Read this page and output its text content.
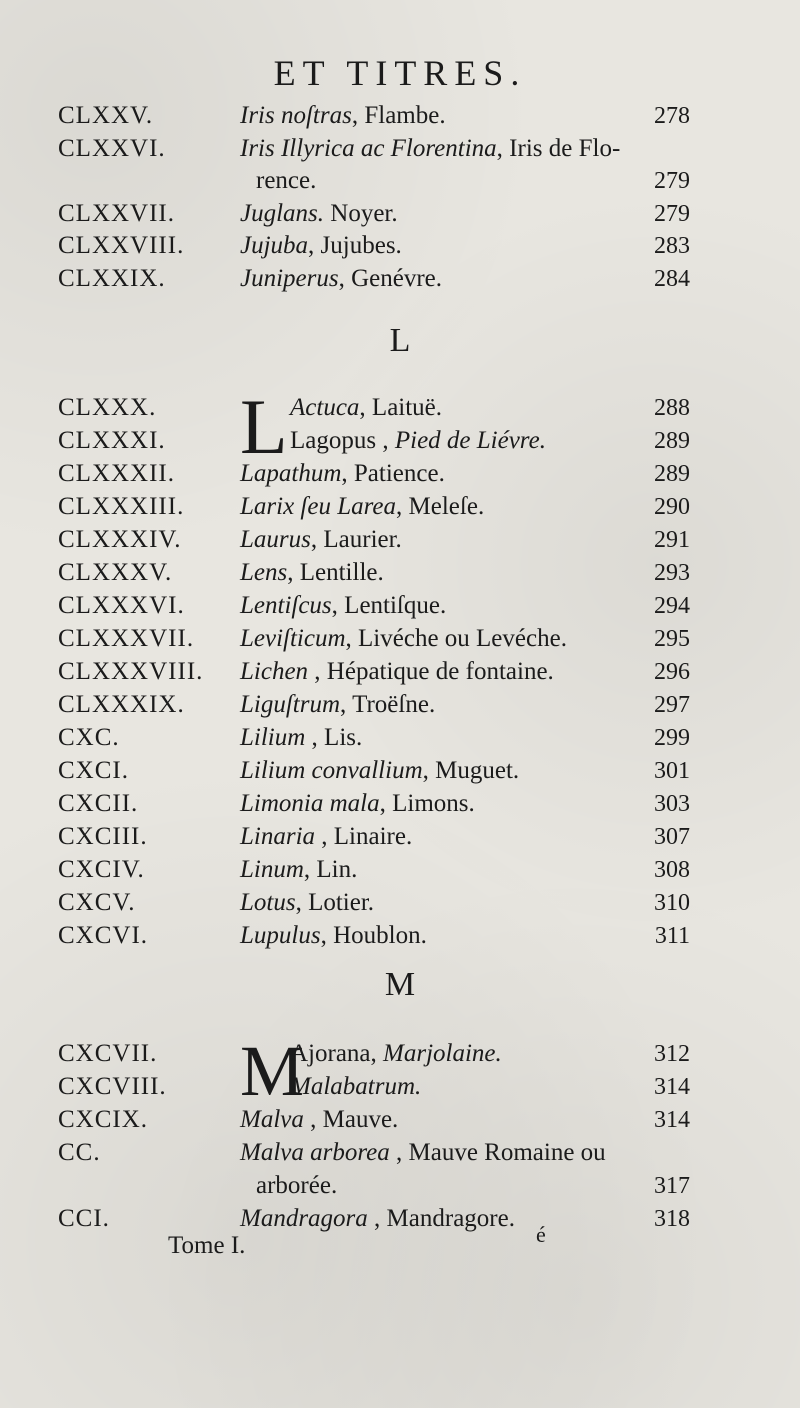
ET TITRES.
CLXXV.	Iris noſtras, Flambe.	278
CLXXVI.	Iris Illyrica ac Florentina, Iris de Flo-
rence.	279
CLXXVII.	Juglans. Noyer.	279
CLXXVIII. Jujuba, Jujubes.	283
CLXXIX.	Juniperus, Genévre.	284
L
L
CLXXX.	Actuca, Laituë.	288
CLXXXI.	Lagopus , Pied de Liévre.	289
CLXXXII.	Lapathum, Patience.	289
CLXXXIII. Larix ſeu Larea, Meleſe.	290
CLXXXIV. Laurus, Laurier.	291
CLXXXV.	Lens, Lentille.	293
CLXXXVI. Lentiſcus, Lentiſque.	294
CLXXXVII. Leviſticum, Livéche ou Levéche.	295
CLXXXVIII. Lichen , Hépatique de fontaine.	296
CLXXXIX. Liguſtrum, Troëſne.	297
CXC.	Lilium , Lis.	299
CXCI.	Lilium convallium, Muguet.	301
CXCII.	Limonia mala, Limons.	303
CXCIII.	Linaria , Linaire.	307
CXCIV.	Linum, Lin.	308
CXCV.	Lotus, Lotier.	310
CXCVI.	Lupulus, Houblon.	311
M
M
CXCVII.	Ajorana, Marjolaine.	312
CXCVIII.	Malabatrum.	314
CXCIX.	Malva , Mauve.	314
CC.	Malva arborea , Mauve Romaine ou
arborée.	317
CCI.	Mandragora , Mandragore.	318
Tome I.	é
